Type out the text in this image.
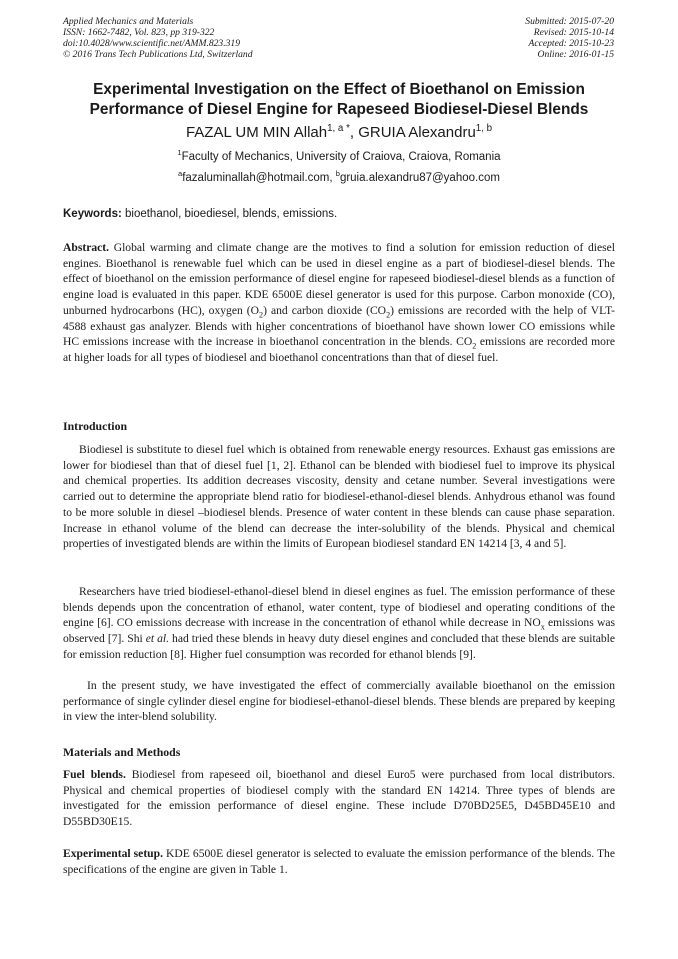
Applied Mechanics and Materials
ISSN: 1662-7482, Vol. 823, pp 319-322
doi:10.4028/www.scientific.net/AMM.823.319
© 2016 Trans Tech Publications Ltd, Switzerland
Submitted: 2015-07-20
Revised: 2015-10-14
Accepted: 2015-10-23
Online: 2016-01-15
Experimental Investigation on the Effect of Bioethanol on Emission
Performance of Diesel Engine for Rapeseed Biodiesel-Diesel Blends
FAZAL UM MIN Allah$^{1, a *}$, GRUIA Alexandru$^{1, b}$
$^1$Faculty of Mechanics, University of Craiova, Craiova, Romania
$^a$fazaluminallah@hotmail.com, $^b$gruia.alexandru87@yahoo.com
Keywords: bioethanol, bioediesel, blends, emissions.

Abstract. Global warming and climate change are the motives to find a solution for emission reduction of diesel engines. Bioethanol is renewable fuel which can be used in diesel engine as a part of biodiesel-diesel blends. The effect of bioethanol on the emission performance of diesel engine for rapeseed biodiesel-diesel blends as a function of engine load is evaluated in this paper. KDE 6500E diesel generator is used for this purpose. Carbon monoxide (CO), unburned hydrocarbons (HC), oxygen $(O_2)$ and carbon dioxide $(CO_2)$ emissions are recorded with the help of VLT-4588 exhaust gas analyzer. Blends with higher concentrations of bioethanol have shown lower CO emissions while HC emissions increase with the increase in bioethanol concentration in the blends. $CO_2$ emissions are recorded more at higher loads for all types of biodiesel and bioethanol concentrations than that of diesel fuel.

Introduction

Biodiesel is substitute to diesel fuel which is obtained from renewable energy resources. Exhaust gas emissions are lower for biodiesel than that of diesel fuel [1, 2]. Ethanol can be blended with biodiesel fuel to improve its physical and chemical properties. Its addition decreases viscosity, density and cetane number. Several investigations were carried out to determine the appropriate blend ratio for biodiesel-ethanol-diesel blends. Anhydrous ethanol was found to be more soluble in diesel –biodiesel blends. Presence of water content in these blends can cause phase separation. Increase in ethanol volume of the blend can decrease the inter-solubility of the blends. Physical and chemical properties of investigated blends are within the limits of European biodiesel standard EN 14214 [3, 4 and 5].

Researchers have tried biodiesel-ethanol-diesel blend in diesel engines as fuel. The emission performance of these blends depends upon the concentration of ethanol, water content, type of biodiesel and operating conditions of the engine [6]. CO emissions decrease with increase in the concentration of ethanol while decrease in $NO_x$ emissions was observed [7]. Shi et al. had tried these blends in heavy duty diesel engines and concluded that these blends are suitable for emission reduction [8]. Higher fuel consumption was recorded for ethanol blends [9].

In the present study, we have investigated the effect of commercially available bioethanol on the emission performance of single cylinder diesel engine for biodiesel-ethanol-diesel blends. These blends are prepared by keeping in view the inter-blend solubility.

Materials and Methods

Fuel blends. Biodiesel from rapeseed oil, bioethanol and diesel Euro5 were purchased from local distributors. Physical and chemical properties of biodiesel comply with the standard EN 14214. Three types of blends are investigated for the emission performance of diesel engine. These include D70BD25E5, D45BD45E10 and D55BD30E15.

Experimental setup. KDE 6500E diesel generator is selected to evaluate the emission performance of the blends. The specifications of the engine are given in Table 1.
